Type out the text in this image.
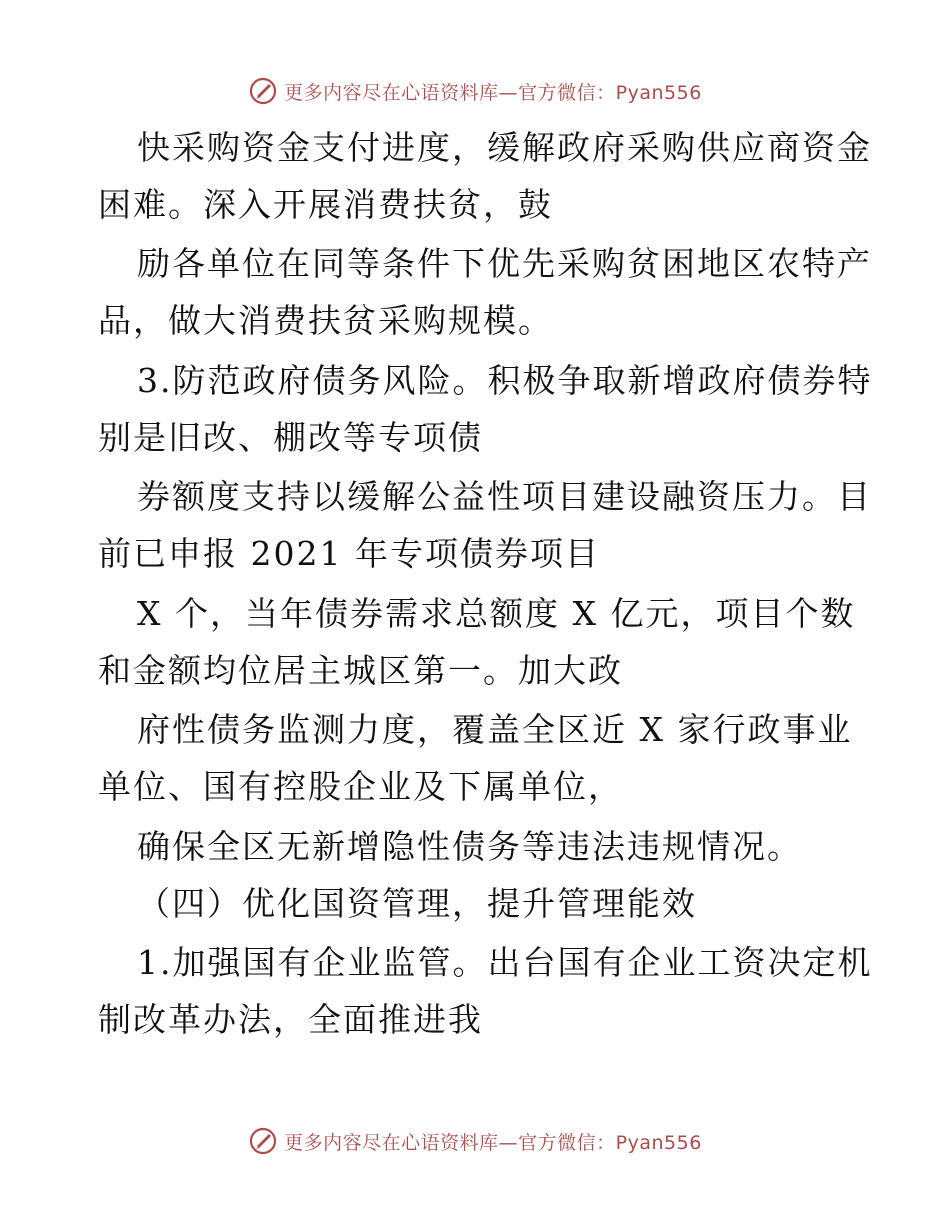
更多内容尽在心语资料库—官方微信：Pyan556
快采购资金支付进度，缓解政府采购供应商资金
困难。深入开展消费扶贫，鼓
励各单位在同等条件下优先采购贫困地区农特产
品，做大消费扶贫采购规模。
3.防范政府债务风险。积极争取新增政府债券特
别是旧改、棚改等专项债
券额度支持以缓解公益性项目建设融资压力。目
前已申报 2021 年专项债券项目
X 个，当年债券需求总额度 X 亿元，项目个数
和金额均位居主城区第一。加大政
府性债务监测力度，覆盖全区近 X 家行政事业
单位、国有控股企业及下属单位，
确保全区无新增隐性债务等违法违规情况。
（四）优化国资管理，提升管理能效
1.加强国有企业监管。出台国有企业工资决定机
制改革办法，全面推进我
更多内容尽在心语资料库—官方微信：Pyan556
